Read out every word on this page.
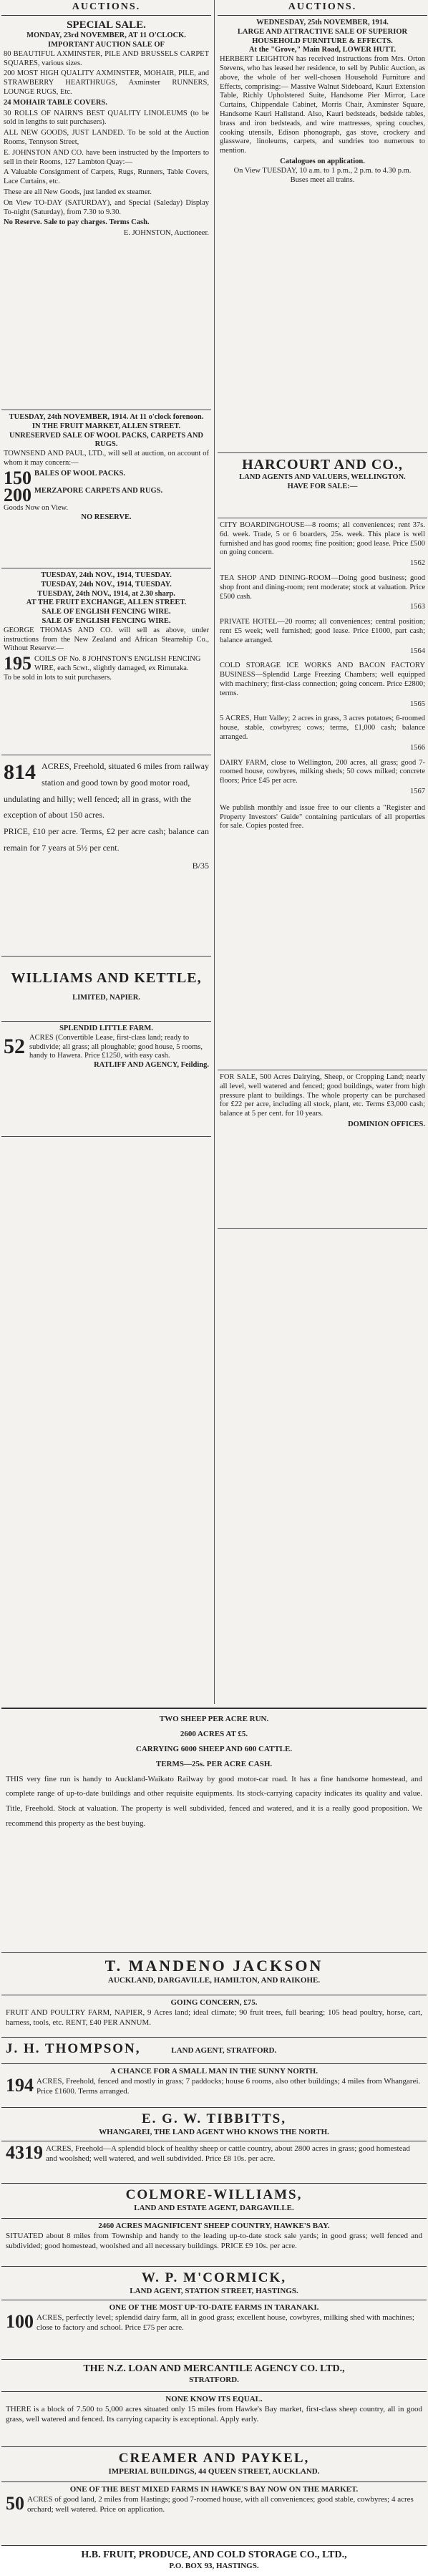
AUCTIONS.
SPECIAL SALE.
MONDAY, 23rd NOVEMBER, AT 11 O'CLOCK.
IMPORTANT AUCTION SALE OF

80 BEAUTIFUL AXMINSTER, PILE AND BRUSSELS CARPET SQUARES, various sizes.

200 MOST HIGH QUALITY AXMINSTER, MOHAIR, PILE, and STRAWBERRY HEARTHRUGS, Axminster RUNNERS, LOUNGE RUGS, Etc.

24 MOHAIR TABLE COVERS.

30 ROLLS OF NAIRN'S BEST QUALITY LINOLEUMS (to be sold in lengths to suit purchasers).

ALL NEW GOODS, JUST LANDED. To be sold at the Auction Rooms, Tennyson Street,

E. JOHNSTON AND CO. have been instructed by the Importers to sell in their Rooms, 127 Lambton Quay:—

A Valuable Consignment of Carpets, Rugs, Runners, Table Covers, Lace Curtains, etc.

These are all New Goods, just landed ex steamer.

On View TO-DAY (SATURDAY), and Special (Saleday) Display To-night (Saturday), from 7.30 to 9.30.

No Reserve. Sale to pay charges. Terms Cash.

E. JOHNSTON, Auctioneer.
TUESDAY, 24th NOVEMBER, 1914. At 11 o'clock forenoon.
IN THE FRUIT MARKET, ALLEN STREET.
UNRESERVED SALE OF WOOL PACKS, CARPETS AND RUGS.

TOWNSEND AND PAUL, LTD., will sell at auction, on account of whom it may concern:—

150 BALES OF WOOL PACKS.
200 MERZAPORE CARPETS AND RUGS.
Goods Now on View.
NO RESERVE.
TUESDAY, 24th NOV., 1914, TUESDAY.
TUESDAY, 24th NOV., 1914, TUESDAY.
TUESDAY, 24th NOV., 1914, at 2.30 sharp.
AT THE FRUIT EXCHANGE, ALLEN STREET.
SALE OF ENGLISH FENCING WIRE.
SALE OF ENGLISH FENCING WIRE.

GEORGE THOMAS AND CO. will sell as above, under instructions from the New Zealand and African Steamship Co., Without Reserve:—

195 COILS OF No. 8 JOHNSTON'S ENGLISH FENCING WIRE, each 5cwt., slightly damaged, ex Rimutaka.
To be sold in lots to suit purchasers.
814 ACRES, Freehold, situated 6 miles from railway station and good town by good motor road, undulating and hilly; well fenced; all in grass, with the exception of about 150 acres.

PRICE, £10 per acre. Terms, £2 per acre cash; balance can remain for 7 years at 5½ per cent.

B/35
WILLIAMS AND KETTLE,
LIMITED, NAPIER.
SPLENDID LITTLE FARM.
52 ACRES (Convertible Lease, first-class land; ready to subdivide; all grass; all ploughable; good house, 5 rooms, handy to Hawera. Price £1250, with easy cash.
RATLIFF AND AGENCY, Feilding.
AUCTIONS.
WEDNESDAY, 25th NOVEMBER, 1914.
LARGE AND ATTRACTIVE SALE OF SUPERIOR HOUSEHOLD FURNITURE & EFFECTS.
At the "Grove," Main Road, LOWER HUTT.

HERBERT LEIGHTON has received instructions from Mrs. Orton Stevens, who has leased her residence, to sell by Public Auction, as above, the whole of her well-chosen Household Furniture and Effects, comprising:— Massive Walnut Sideboard, Kauri Extension Table, Richly Upholstered Suite, Handsome Pier Mirror, Lace Curtains, Chippendale Cabinet, Morris Chair, Axminster Square, Handsome Kauri Hallstand. Also, Kauri bedsteads, bedside tables, brass and iron bedsteads, and wire mattresses, spring couches, cooking utensils, Edison phonograph, gas stove, crockery and glassware, linoleums, carpets, and sundries too numerous to mention.

Catalogues on application.
On View TUESDAY, 10 a.m. to 1 p.m., 2 p.m. to 4.30 p.m.
Buses meet all trains.
HARCOURT AND CO.,
LAND AGENTS AND VALUERS, WELLINGTON.
HAVE FOR SALE:—

CITY BOARDINGHOUSE—8 rooms; all conveniences; rent 37s. 6d. week. Trade, 5 or 6 boarders, 25s. week. This place is well furnished and has good rooms; fine position; good lease. Price £500 on going concern.

1562

TEA SHOP AND DINING-ROOM—Doing good business; good shop front and dining-room; rent moderate; stock at valuation. Price £500 cash.

1563

PRIVATE HOTEL—20 rooms; all conveniences; central position; rent £5 week; well furnished; good lease. Price £1000, part cash; balance arranged.

1564

COLD STORAGE ICE WORKS AND BACON FACTORY BUSINESS—Splendid Large Freezing Chambers; well equipped with machinery; first-class connection; going concern. Price £2800; terms.

1565

5 ACRES, Hutt Valley; 2 acres in grass, 3 acres potatoes; 6-roomed house, stable, cowbyres; cows; terms, £1,000 cash; balance arranged.

1566

DAIRY FARM, close to Wellington, 200 acres, all grass; good 7-roomed house, cowbyres, milking sheds; 50 cows milked; concrete floors; Price £45 per acre.

1567

We publish monthly and issue free to our clients a "Register and Property Investors' Guide" containing particulars of all properties for sale. Copies posted free.

FOR SALE, 500 Acres Dairying, Sheep, or Cropping Land; nearly all level, well watered and fenced; good buildings, water from high pressure plant to buildings. The whole property can be purchased for £22 per acre, including all stock, plant, etc. Terms £3,000 cash; balance at 5 per cent. for 10 years.

DOMINION OFFICES.
TWO SHEEP PER ACRE RUN.
2600 ACRES AT £5.
CARRYING 6000 SHEEP AND 600 CATTLE.
TERMS—25s. PER ACRE CASH.

THIS very fine run is handy to Auckland-Waikato Railway by good motor-car road. It has a fine handsome homestead, and complete range of up-to-date buildings and other requisite equipments. Its stock-carrying capacity indicates its quality and value. Title, Freehold. Stock at valuation. The property is well subdivided, fenced and watered, and it is a really good proposition. We recommend this property as the best buying.

T. MANDENO JACKSON
AUCKLAND, DARGAVILLE, HAMILTON, AND RAIKOHE.
GOING CONCERN, £75.

FRUIT AND POULTRY FARM, NAPIER, 9 Acres land; ideal climate; 90 fruit trees, full bearing; 105 head poultry, horse, cart, harness, tools, etc. RENT, £40 PER ANNUM.

J. H. THOMPSON,	LAND AGENT, STRATFORD.
A CHANCE FOR A SMALL MAN IN THE SUNNY NORTH.
194 ACRES, Freehold, fenced and mostly in grass; 7 paddocks; house 6 rooms, also other buildings; 4 miles from Whangarei. Price £1600. Terms arranged.
E. G. W. TIBBITTS,
WHANGAREI, THE LAND AGENT WHO KNOWS THE NORTH.
4319 ACRES, Freehold—A splendid block of healthy sheep or cattle country, about 2800 acres in grass; good homestead and woolshed; well watered, and well subdivided. Price £8 10s. per acre.
COLMORE-WILLIAMS,
LAND AND ESTATE AGENT, DARGAVILLE.
2460 ACRES MAGNIFICENT SHEEP COUNTRY, HAWKE'S BAY.

SITUATED about 8 miles from Township and handy to the leading up-to-date stock sale yards; in good grass; well fenced and subdivided; good homestead, woolshed and all necessary buildings. PRICE £9 10s. per acre.

W. P. M'CORMICK,
LAND AGENT, STATION STREET, HASTINGS.
ONE OF THE MOST UP-TO-DATE FARMS IN TARANAKI.
100 ACRES, perfectly level; splendid dairy farm, all in good grass; excellent house, cowbyres, milking shed with machines; close to factory and school. Price £75 per acre.
THE N.Z. LOAN AND MERCANTILE AGENCY CO. LTD.,
STRATFORD.
NONE KNOW ITS EQUAL.

THERE is a block of 7.500 to 5,000 acres situated only 15 miles from Hawke's Bay market, first-class sheep country, all in good grass, well watered and fenced. Its carrying capacity is exceptional. Apply early.

CREAMER AND PAYKEL,
IMPERIAL BUILDINGS, 44 QUEEN STREET, AUCKLAND.
ONE OF THE BEST MIXED FARMS IN HAWKE'S BAY NOW ON THE MARKET.
50 ACRES of good land, 2 miles from Hastings; good 7-roomed house, with all conveniences; good stable, cowbyres; 4 acres orchard; well watered. Price on application.
H.B. FRUIT, PRODUCE, AND COLD STORAGE CO., LTD.,
P.O. BOX 93, HASTINGS.
